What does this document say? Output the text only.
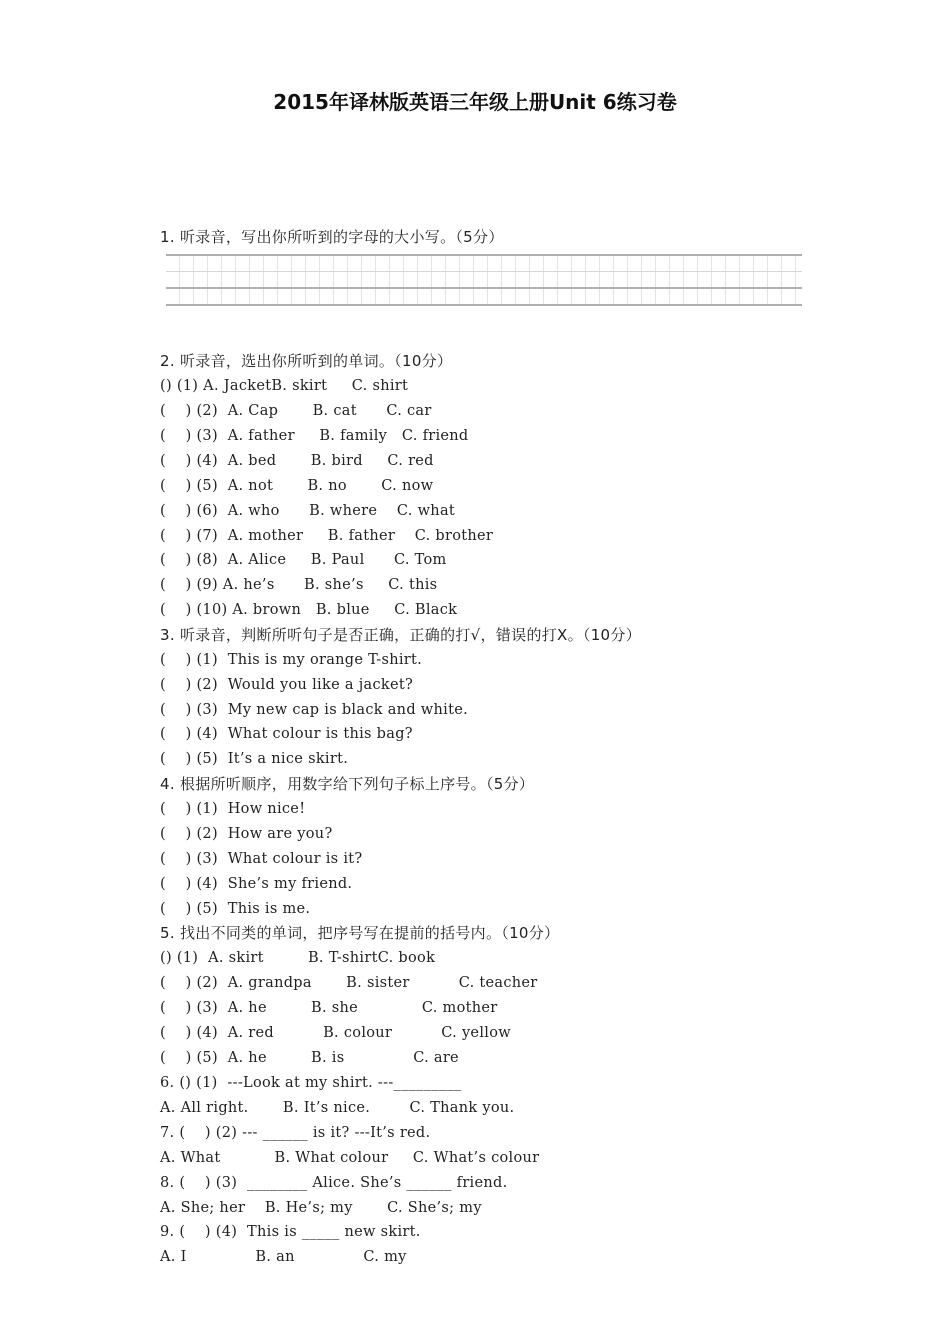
2015年译林版英语三年级上册Unit 6练习卷
1. 听录音，写出你所听到的字母的大小写。（5分）
2. 听录音，选出你所听到的单词。（10分）
() (1) A. JacketB. skirt     C. shirt
(    ) (2)  A. Cap       B. cat      C. car
(    ) (3)  A. father     B. family   C. friend
(    ) (4)  A. bed       B. bird     C. red
(    ) (5)  A. not       B. no       C. now
(    ) (6)  A. who      B. where    C. what
(    ) (7)  A. mother     B. father    C. brother
(    ) (8)  A. Alice     B. Paul      C. Tom
(    ) (9) A. he’s      B. she’s     C. this
(    ) (10) A. brown   B. blue     C. Black
3. 听录音，判断所听句子是否正确，正确的打√，错误的打X。（10分）
(    ) (1)  This is my orange T-shirt.
(    ) (2)  Would you like a jacket?
(    ) (3)  My new cap is black and white.
(    ) (4)  What colour is this bag?
(    ) (5)  It’s a nice skirt.
4. 根据所听顺序，用数字给下列句子标上序号。（5分）
(    ) (1)  How nice!
(    ) (2)  How are you?
(    ) (3)  What colour is it?
(    ) (4)  She’s my friend.
(    ) (5)  This is me.
5. 找出不同类的单词，把序号写在提前的括号内。（10分）
() (1)  A. skirt         B. T-shirtC. book
(    ) (2)  A. grandpa       B. sister          C. teacher
(    ) (3)  A. he         B. she             C. mother
(    ) (4)  A. red          B. colour          C. yellow
(    ) (5)  A. he         B. is              C. are
6. () (1)  ---Look at my shirt. ---_________
A. All right.       B. It’s nice.        C. Thank you.
7. (    ) (2) --- ______ is it? ---It’s red.
A. What           B. What colour     C. What’s colour
8. (    ) (3)  ________ Alice. She’s ______ friend.
A. She; her    B. He’s; my       C. She’s; my
9. (    ) (4)  This is _____ new skirt.
A. I              B. an              C. my
